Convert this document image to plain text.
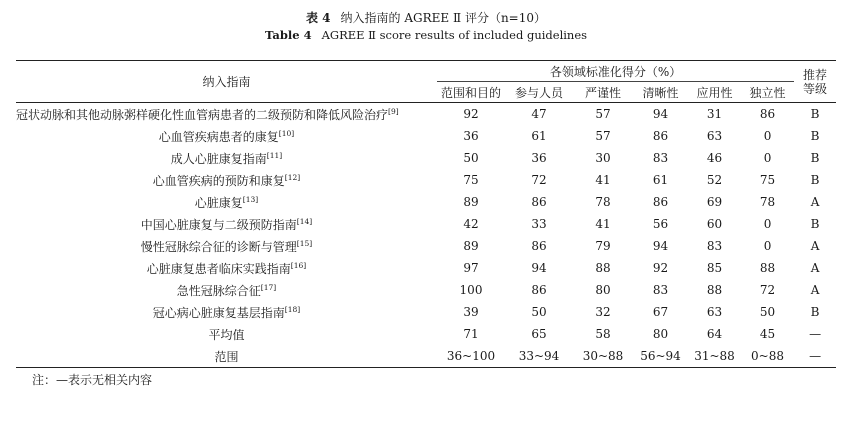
表 4 纳入指南的 AGREE Ⅱ 评分（n=10）
Table 4 AGREE Ⅱ score results of included guidelines
纳入指南	各领域标准化得分（%）						推荐
等级
	范围和目的	参与人员	严谨性	清晰性	应用性	独立性	
冠状动脉和其他动脉粥样硬化性血管病患者的二级预防和降低风险治疗[9]	92	47	57	94	31	86	B
心血管疾病患者的康复[10]	36	61	57	86	63	0	B
成人心脏康复指南[11]	50	36	30	83	46	0	B
心血管疾病的预防和康复[12]	75	72	41	61	52	75	B
心脏康复[13]	89	86	78	86	69	78	A
中国心脏康复与二级预防指南[14]	42	33	41	56	60	0	B
慢性冠脉综合征的诊断与管理[15]	89	86	79	94	83	0	A
心脏康复患者临床实践指南[16]	97	94	88	92	85	88	A
急性冠脉综合征[17]	100	86	80	83	88	72	A
冠心病心脏康复基层指南[18]	39	50	32	67	63	50	B
平均值	71	65	58	80	64	45	—
范围	36~100	33~94	30~88	56~94	31~88	0~88	—
注：—表示无相关内容
